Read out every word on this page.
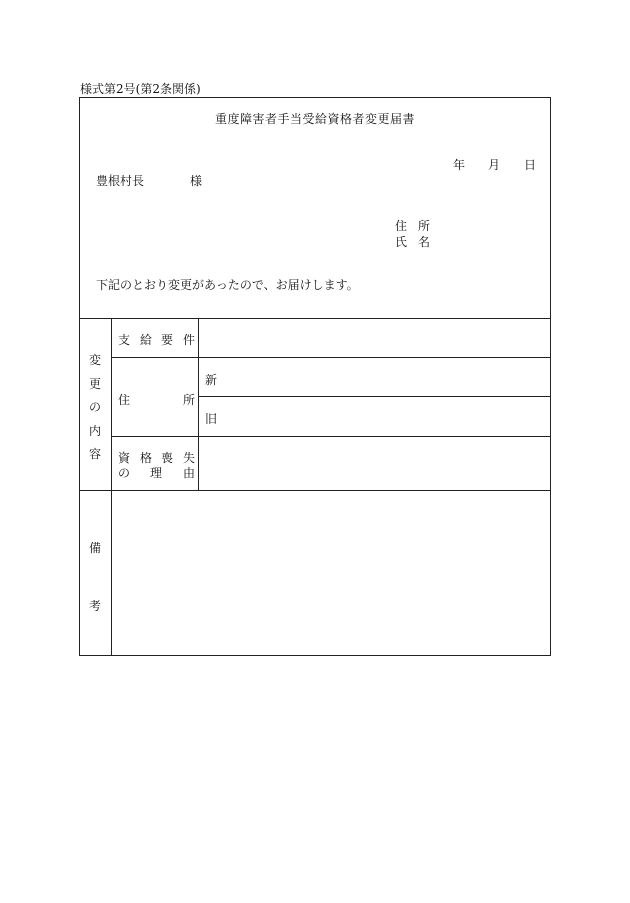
様式第2号(第2条関係)
重度障害者手当受給資格者変更届書
年 月 日
豊根村長	様
住 所
氏 名
下記のとおり変更があったので、お届けします。
変
更
の
内
容
支 給 要 件
住	所
新
旧
資 格 喪 失
の 理 由
備
考
